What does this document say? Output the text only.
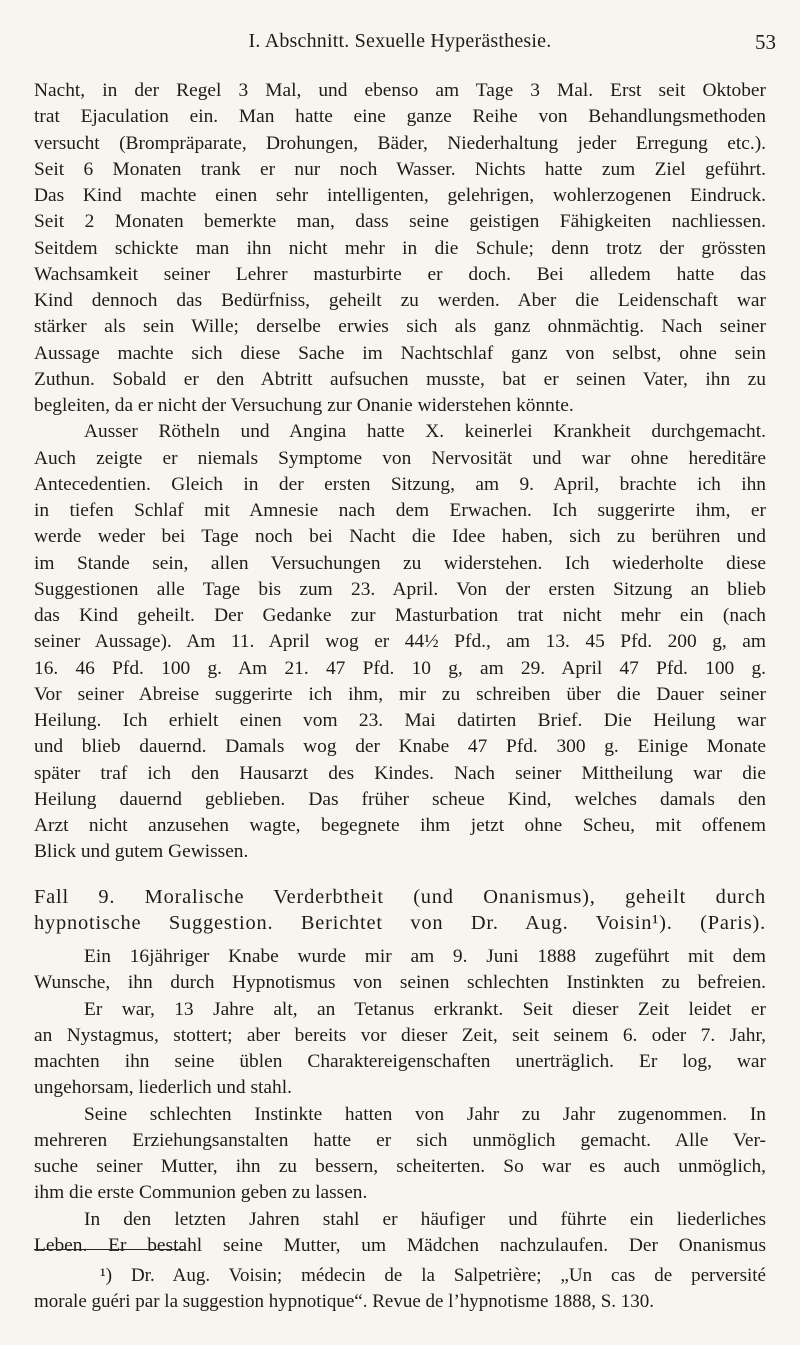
I. Abschnitt. Sexuelle Hyperästhesie.	53
Nacht, in der Regel 3 Mal, und ebenso am Tage 3 Mal. Erst seit Oktober
trat Ejaculation ein. Man hatte eine ganze Reihe von Behandlungsmethoden
versucht (Brompräparate, Drohungen, Bäder, Niederhaltung jeder Erregung etc.).
Seit 6 Monaten trank er nur noch Wasser. Nichts hatte zum Ziel geführt.
Das Kind machte einen sehr intelligenten, gelehrigen, wohlerzogenen Eindruck.
Seit 2 Monaten bemerkte man, dass seine geistigen Fähigkeiten nachliessen.
Seitdem schickte man ihn nicht mehr in die Schule; denn trotz der grössten
Wachsamkeit seiner Lehrer masturbirte er doch. Bei alledem hatte das
Kind dennoch das Bedürfniss, geheilt zu werden. Aber die Leidenschaft war
stärker als sein Wille; derselbe erwies sich als ganz ohnmächtig. Nach seiner
Aussage machte sich diese Sache im Nachtschlaf ganz von selbst, ohne sein
Zuthun. Sobald er den Abtritt aufsuchen musste, bat er seinen Vater, ihn zu
begleiten, da er nicht der Versuchung zur Onanie widerstehen könnte.
Ausser Rötheln und Angina hatte X. keinerlei Krankheit durchgemacht.
Auch zeigte er niemals Symptome von Nervosität und war ohne hereditäre
Antecedentien. Gleich in der ersten Sitzung, am 9. April, brachte ich ihn
in tiefen Schlaf mit Amnesie nach dem Erwachen. Ich suggerirte ihm, er
werde weder bei Tage noch bei Nacht die Idee haben, sich zu berühren und
im Stande sein, allen Versuchungen zu widerstehen. Ich wiederholte diese
Suggestionen alle Tage bis zum 23. April. Von der ersten Sitzung an blieb
das Kind geheilt. Der Gedanke zur Masturbation trat nicht mehr ein (nach
seiner Aussage). Am 11. April wog er 44½ Pfd., am 13. 45 Pfd. 200 g, am
16. 46 Pfd. 100 g. Am 21. 47 Pfd. 10 g, am 29. April 47 Pfd. 100 g.
Vor seiner Abreise suggerirte ich ihm, mir zu schreiben über die Dauer seiner
Heilung. Ich erhielt einen vom 23. Mai datirten Brief. Die Heilung war
und blieb dauernd. Damals wog der Knabe 47 Pfd. 300 g. Einige Monate
später traf ich den Hausarzt des Kindes. Nach seiner Mittheilung war die
Heilung dauernd geblieben. Das früher scheue Kind, welches damals den
Arzt nicht anzusehen wagte, begegnete ihm jetzt ohne Scheu, mit offenem
Blick und gutem Gewissen.
Fall 9. Moralische Verderbtheit (und Onanismus), geheilt durch
hypnotische Suggestion. Berichtet von Dr. Aug. Voisin¹). (Paris).
Ein 16jähriger Knabe wurde mir am 9. Juni 1888 zugeführt mit dem
Wunsche, ihn durch Hypnotismus von seinen schlechten Instinkten zu befreien.
Er war, 13 Jahre alt, an Tetanus erkrankt. Seit dieser Zeit leidet er
an Nystagmus, stottert; aber bereits vor dieser Zeit, seit seinem 6. oder 7. Jahr,
machten ihn seine üblen Charaktereigenschaften unerträglich. Er log, war
ungehorsam, liederlich und stahl.
Seine schlechten Instinkte hatten von Jahr zu Jahr zugenommen. In
mehreren Erziehungsanstalten hatte er sich unmöglich gemacht. Alle Ver-
suche seiner Mutter, ihn zu bessern, scheiterten. So war es auch unmöglich,
ihm die erste Communion geben zu lassen.
In den letzten Jahren stahl er häufiger und führte ein liederliches
Leben. Er bestahl seine Mutter, um Mädchen nachzulaufen. Der Onanismus
¹) Dr. Aug. Voisin; médecin de la Salpetrière; „Un cas de perversité
morale guéri par la suggestion hypnotique“. Revue de l’hypnotisme 1888, S. 130.
